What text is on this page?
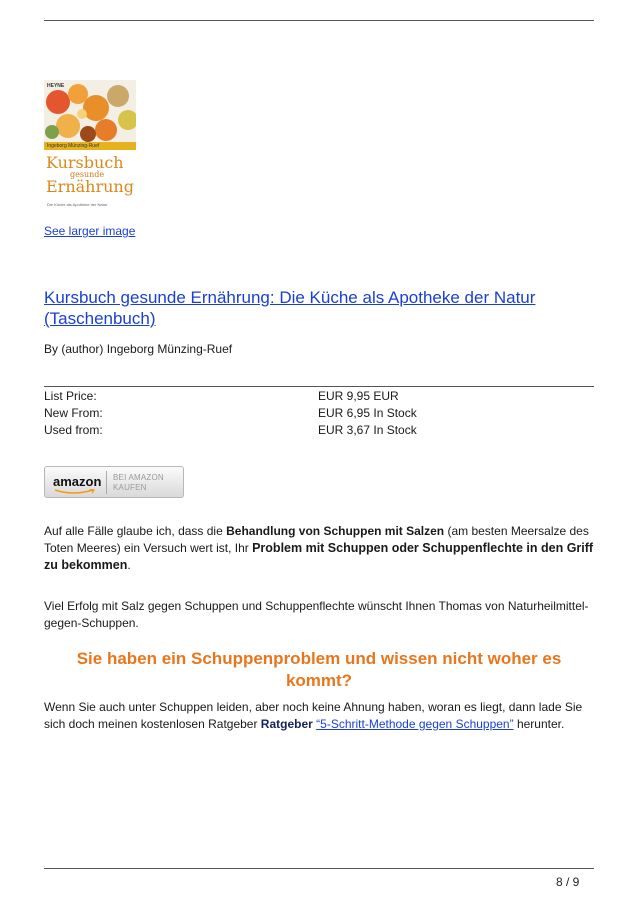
HEYNE
Ingeborg Münzing-Ruef
Kursbuch
gesunde
Ernährung
Die Küche als Apotheke der Natur
See larger image
Kursbuch gesunde Ernährung: Die Küche als Apotheke der Natur (Taschenbuch)
By (author) Ingeborg Münzing-Ruef
List Price:	EUR 9,95 EUR
New From:	EUR 6,95 In Stock
Used from:	EUR 3,67 In Stock
amazon BEI AMAZON
KAUFEN
Auf alle Fälle glaube ich, dass die Behandlung von Schuppen mit Salzen (am besten Meersalze des Toten Meeres) ein Versuch wert ist, Ihr Problem mit Schuppen oder Schuppenflechte in den Griff zu bekommen.
Viel Erfolg mit Salz gegen Schuppen und Schuppenflechte wünscht Ihnen Thomas von Naturheilmittel-gegen-Schuppen.
Sie haben ein Schuppenproblem und wissen nicht woher es kommt?
Wenn Sie auch unter Schuppen leiden, aber noch keine Ahnung haben, woran es liegt, dann lade Sie sich doch meinen kostenlosen Ratgeber Ratgeber “5-Schritt-Methode gegen Schuppen” herunter.
8 / 9
